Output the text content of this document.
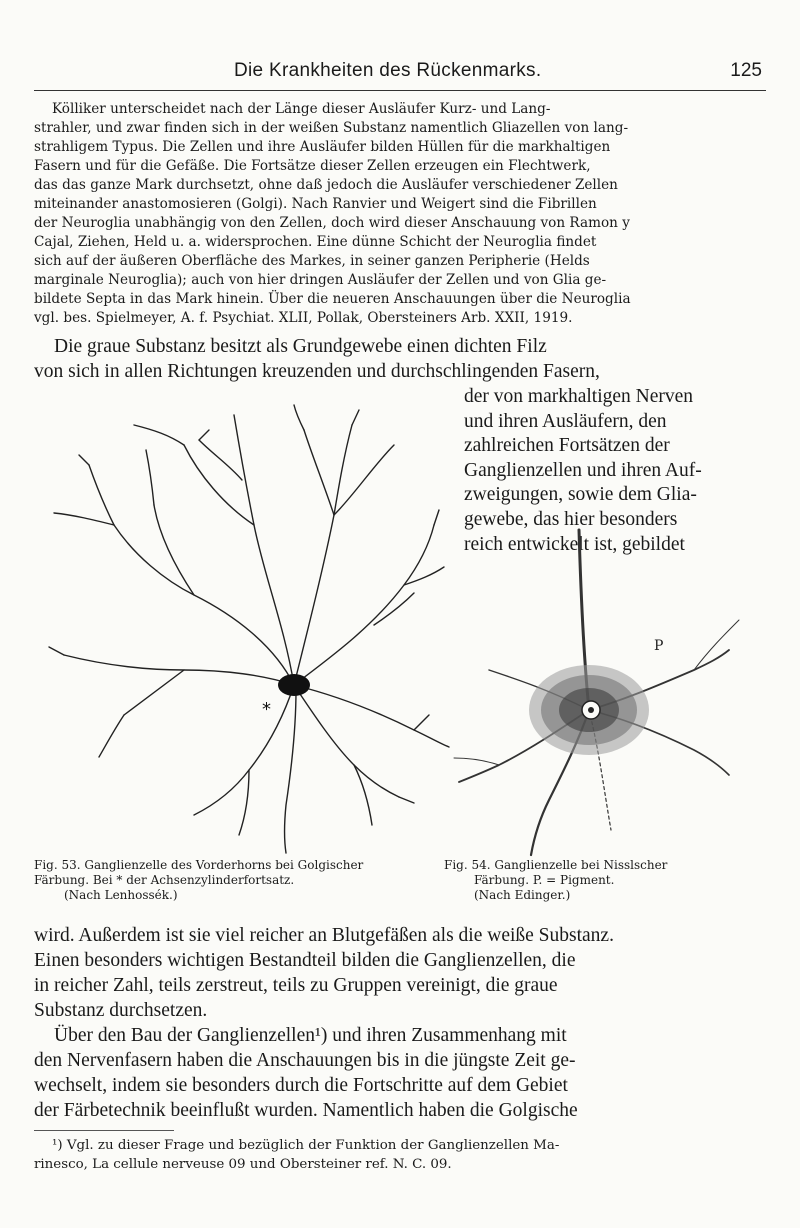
Die Krankheiten des Rückenmarks.	125

Kölliker unterscheidet nach der Länge dieser Ausläufer Kurz- und Lang-

strahler, und zwar finden sich in der weißen Substanz namentlich Gliazellen von lang-

strahligem Typus. Die Zellen und ihre Ausläufer bilden Hüllen für die markhaltigen

Fasern und für die Gefäße. Die Fortsätze dieser Zellen erzeugen ein Flechtwerk,

das das ganze Mark durchsetzt, ohne daß jedoch die Ausläufer verschiedener Zellen

miteinander anastomosieren (Golgi). Nach Ranvier und Weigert sind die Fibrillen

der Neuroglia unabhängig von den Zellen, doch wird dieser Anschauung von Ramon y

Cajal, Ziehen, Held u. a. widersprochen. Eine dünne Schicht der Neuroglia findet

sich auf der äußeren Oberfläche des Markes, in seiner ganzen Peripherie (Helds

marginale Neuroglia); auch von hier dringen Ausläufer der Zellen und von Glia ge-

bildete Septa in das Mark hinein. Über die neueren Anschauungen über die Neuroglia

vgl. bes. Spielmeyer, A. f. Psychiat. XLII, Pollak, Obersteiners Arb. XXII, 1919.

Die graue Substanz besitzt als Grundgewebe einen dichten Filz

von sich in allen Richtungen kreuzenden und durchschlingenden Fasern,

der von markhaltigen Nerven

und ihren Ausläufern, den

zahlreichen Fortsätzen der

Ganglienzellen und ihren Auf-

zweigungen, sowie dem Glia-

gewebe, das hier besonders

reich entwickelt ist, gebildet

*
P

Fig. 53. Ganglienzelle des Vorderhorns bei Golgischer

Färbung. Bei * der Achsenzylinderfortsatz.

(Nach Lenhossék.)

Fig. 54. Ganglienzelle bei Nisslscher

Färbung. P. = Pigment.

(Nach Edinger.)

wird. Außerdem ist sie viel reicher an Blutgefäßen als die weiße Substanz.

Einen besonders wichtigen Bestandteil bilden die Ganglienzellen, die

in reicher Zahl, teils zerstreut, teils zu Gruppen vereinigt, die graue

Substanz durchsetzen.

Über den Bau der Ganglienzellen¹) und ihren Zusammenhang mit

den Nervenfasern haben die Anschauungen bis in die jüngste Zeit ge-

wechselt, indem sie besonders durch die Fortschritte auf dem Gebiet

der Färbetechnik beeinflußt wurden. Namentlich haben die Golgische

¹) Vgl. zu dieser Frage und bezüglich der Funktion der Ganglienzellen Ma-

rinesco, La cellule nerveuse 09 und Obersteiner ref. N. C. 09.
